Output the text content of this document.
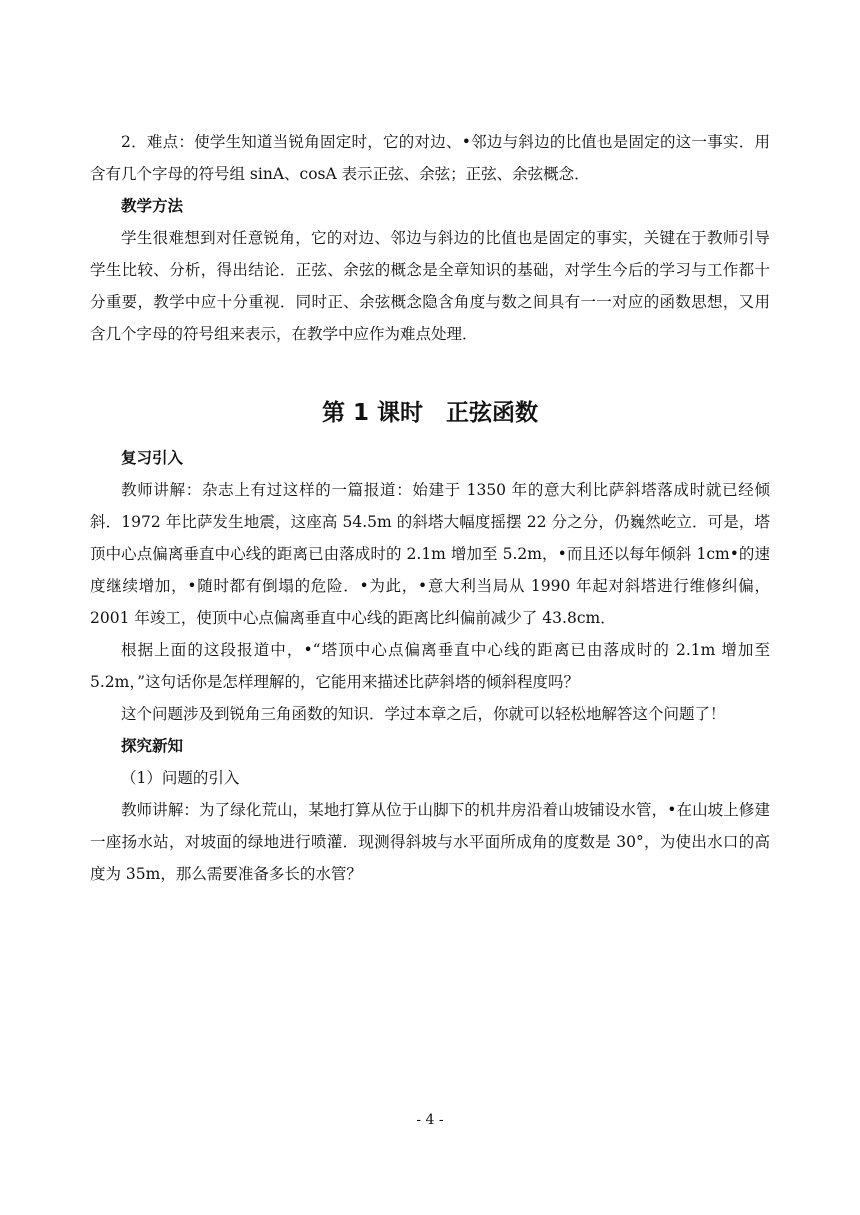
2．难点：使学生知道当锐角固定时，它的对边、•邻边与斜边的比值也是固定的这一事实．用含有几个字母的符号组 sinA、cosA 表示正弦、余弦；正弦、余弦概念．

教学方法

学生很难想到对任意锐角，它的对边、邻边与斜边的比值也是固定的事实，关键在于教师引导学生比较、分析，得出结论．正弦、余弦的概念是全章知识的基础，对学生今后的学习与工作都十分重要，教学中应十分重视．同时正、余弦概念隐含角度与数之间具有一一对应的函数思想，又用含几个字母的符号组来表示，在教学中应作为难点处理．

第 1 课时　正弦函数

复习引入

教师讲解：杂志上有过这样的一篇报道：始建于 1350 年的意大利比萨斜塔落成时就已经倾斜．1972 年比萨发生地震，这座高 54.5m 的斜塔大幅度摇摆 22 分之分，仍巍然屹立．可是，塔顶中心点偏离垂直中心线的距离已由落成时的 2.1m 增加至 5.2m，•而且还以每年倾斜 1cm•的速度继续增加，•随时都有倒塌的危险．•为此，•意大利当局从 1990 年起对斜塔进行维修纠偏，2001 年竣工，使顶中心点偏离垂直中心线的距离比纠偏前减少了 43.8cm．

根据上面的这段报道中，•“塔顶中心点偏离垂直中心线的距离已由落成时的 2.1m 增加至 5.2m，”这句话你是怎样理解的，它能用来描述比萨斜塔的倾斜程度吗？

这个问题涉及到锐角三角函数的知识．学过本章之后，你就可以轻松地解答这个问题了！

探究新知

（1）问题的引入

教师讲解：为了绿化荒山，某地打算从位于山脚下的机井房沿着山坡铺设水管，•在山坡上修建一座扬水站，对坡面的绿地进行喷灌．现测得斜坡与水平面所成角的度数是 30°，为使出水口的高度为 35m，那么需要准备多长的水管？

- 4 -
